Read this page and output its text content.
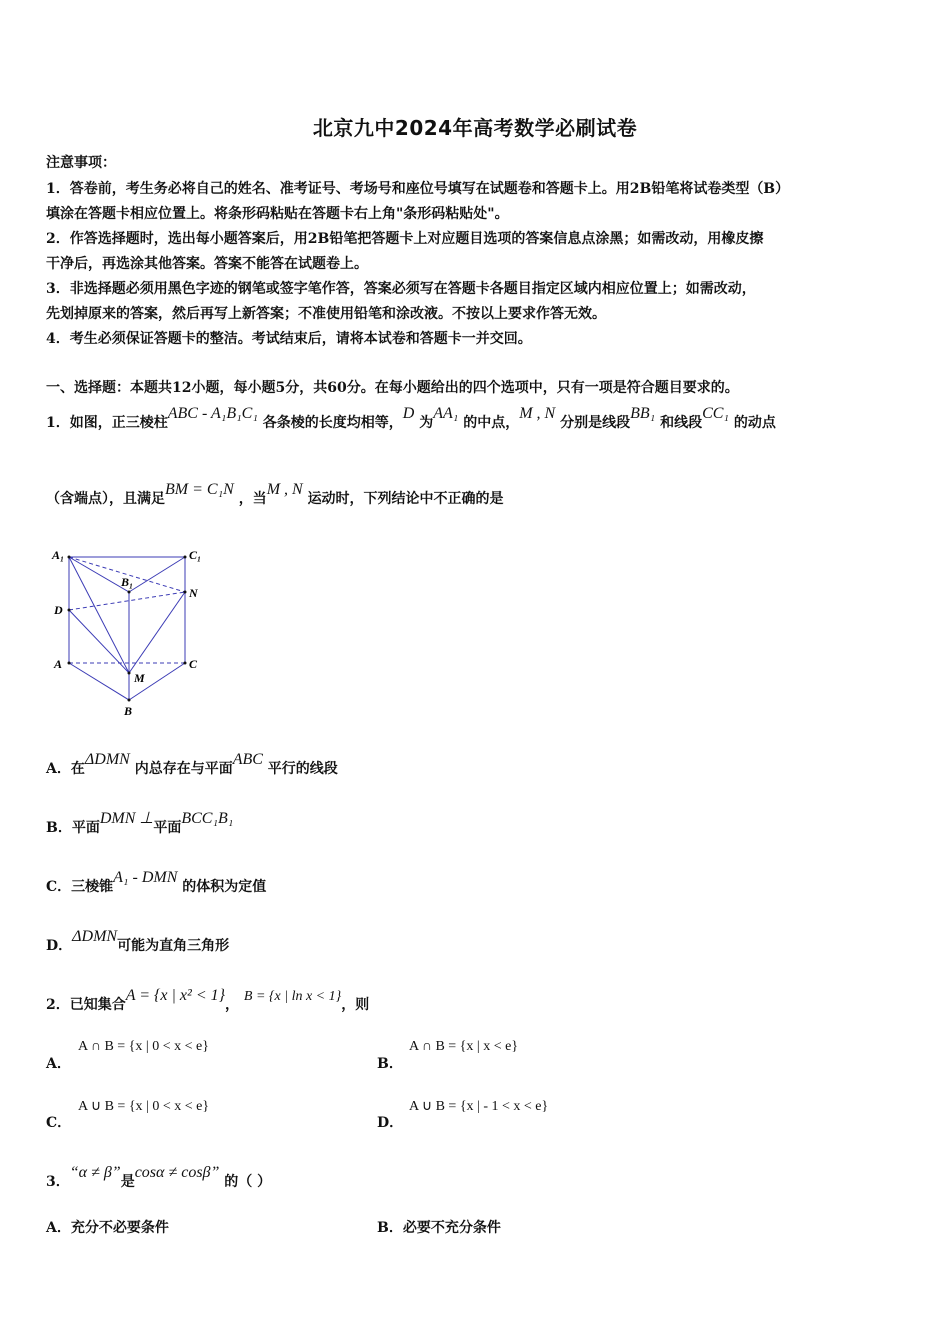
北京九中2024年高考数学必刷试卷
注意事项：
1．答卷前，考生务必将自己的姓名、准考证号、考场号和座位号填写在试题卷和答题卡上。用2B铅笔将试卷类型（B）
填涂在答题卡相应位置上。将条形码粘贴在答题卡右上角"条形码粘贴处"。
2．作答选择题时，选出每小题答案后，用2B铅笔把答题卡上对应题目选项的答案信息点涂黑；如需改动，用橡皮擦
干净后，再选涂其他答案。答案不能答在试题卷上。
3．非选择题必须用黑色字迹的钢笔或签字笔作答，答案必须写在答题卡各题目指定区域内相应位置上；如需改动，
先划掉原来的答案，然后再写上新答案；不准使用铅笔和涂改液。不按以上要求作答无效。
4．考生必须保证答题卡的整洁。考试结束后，请将本试卷和答题卡一并交回。
一、选择题：本题共12小题，每小题5分，共60分。在每小题给出的四个选项中，只有一项是符合题目要求的。
1．如图，正三棱柱ABC - A₁B₁C₁ 各条棱的长度均相等，D 为AA₁ 的中点，M , N 分别是线段BB₁ 和线段CC₁ 的动点
（含端点），且满足BM = C₁N ，当M , N 运动时，下列结论中不正确的是
A₁	C₁
B₁
N
D
A	C
M
B
A．在ΔDMN 内总存在与平面ABC 平行的线段
B．平面DMN ⊥平面BCC₁B₁
C．三棱锥A₁ - DMN 的体积为定值
D．ΔDMN可能为直角三角形
2．已知集合A = {x | x² < 1}， B = {x | ln x < 1}，则
A．
A ∩ B = {x | 0 < x < e}
B．
A ∩ B = {x | x < e}
C．
A ∪ B = {x | 0 < x < e}
D．
A ∪ B = {x | - 1 < x < e}
3．“α ≠ β”是cosα ≠ cosβ” 的（ ）
A．充分不必要条件	B．必要不充分条件
